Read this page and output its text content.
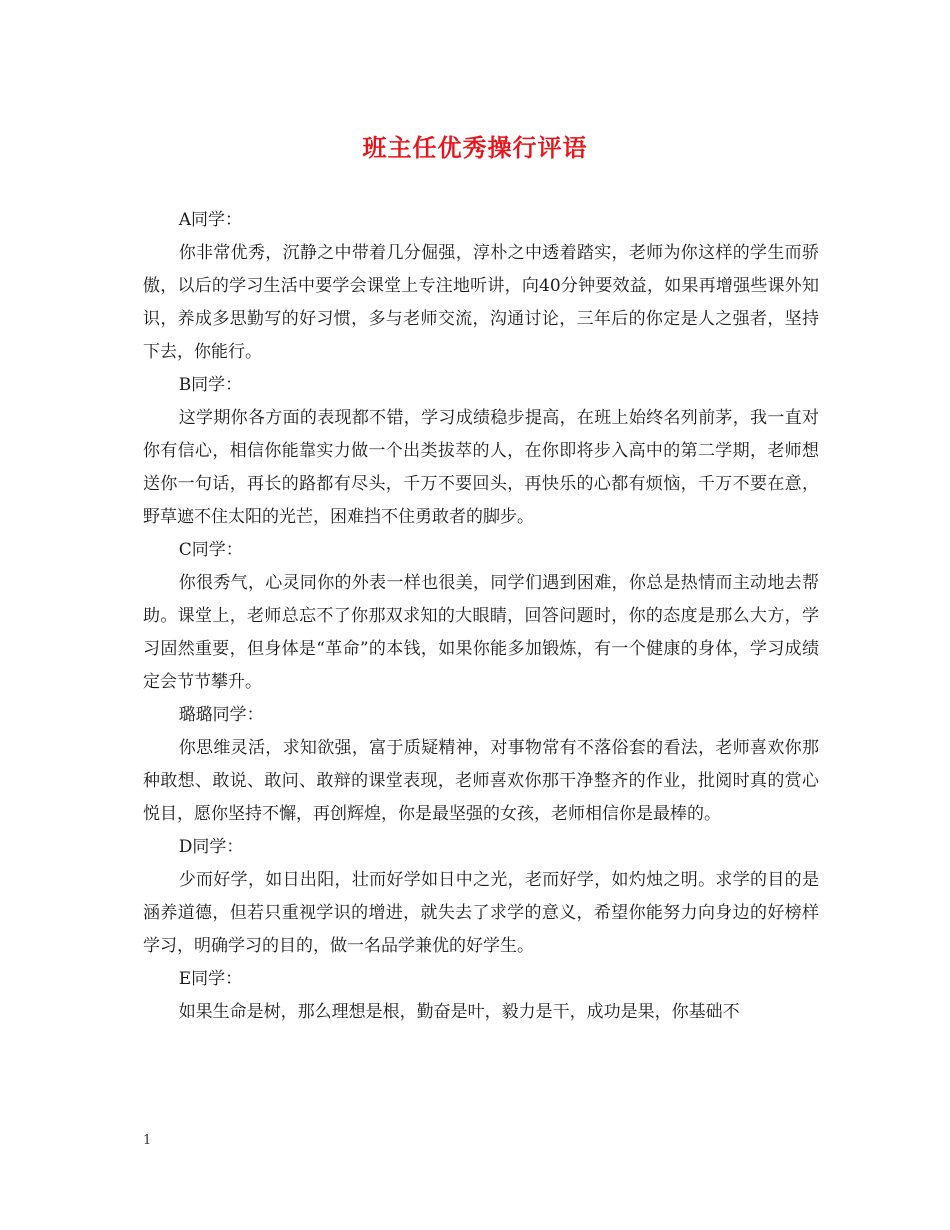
班主任优秀操行评语

A同学：

你非常优秀，沉静之中带着几分倔强，淳朴之中透着踏实，老师为你这样的学生而骄傲，以后的学习生活中要学会课堂上专注地听讲，向40分钟要效益，如果再增强些课外知识，养成多思勤写的好习惯，多与老师交流，沟通讨论，三年后的你定是人之强者，坚持下去，你能行。

B同学：

这学期你各方面的表现都不错，学习成绩稳步提高，在班上始终名列前茅，我一直对你有信心，相信你能靠实力做一个出类拔萃的人，在你即将步入高中的第二学期，老师想送你一句话，再长的路都有尽头，千万不要回头，再快乐的心都有烦恼，千万不要在意，野草遮不住太阳的光芒，困难挡不住勇敢者的脚步。

C同学：

你很秀气，心灵同你的外表一样也很美，同学们遇到困难，你总是热情而主动地去帮助。课堂上，老师总忘不了你那双求知的大眼睛，回答问题时，你的态度是那么大方，学习固然重要，但身体是“革命”的本钱，如果你能多加锻炼，有一个健康的身体，学习成绩定会节节攀升。

璐璐同学：

你思维灵活，求知欲强，富于质疑精神，对事物常有不落俗套的看法，老师喜欢你那种敢想、敢说、敢问、敢辩的课堂表现，老师喜欢你那干净整齐的作业，批阅时真的赏心悦目，愿你坚持不懈，再创辉煌，你是最坚强的女孩，老师相信你是最棒的。

D同学：

少而好学，如日出阳，壮而好学如日中之光，老而好学，如灼烛之明。求学的目的是涵养道德，但若只重视学识的增进，就失去了求学的意义，希望你能努力向身边的好榜样学习，明确学习的目的，做一名品学兼优的好学生。

E同学：

如果生命是树，那么理想是根，勤奋是叶，毅力是干，成功是果，你基础不

1
